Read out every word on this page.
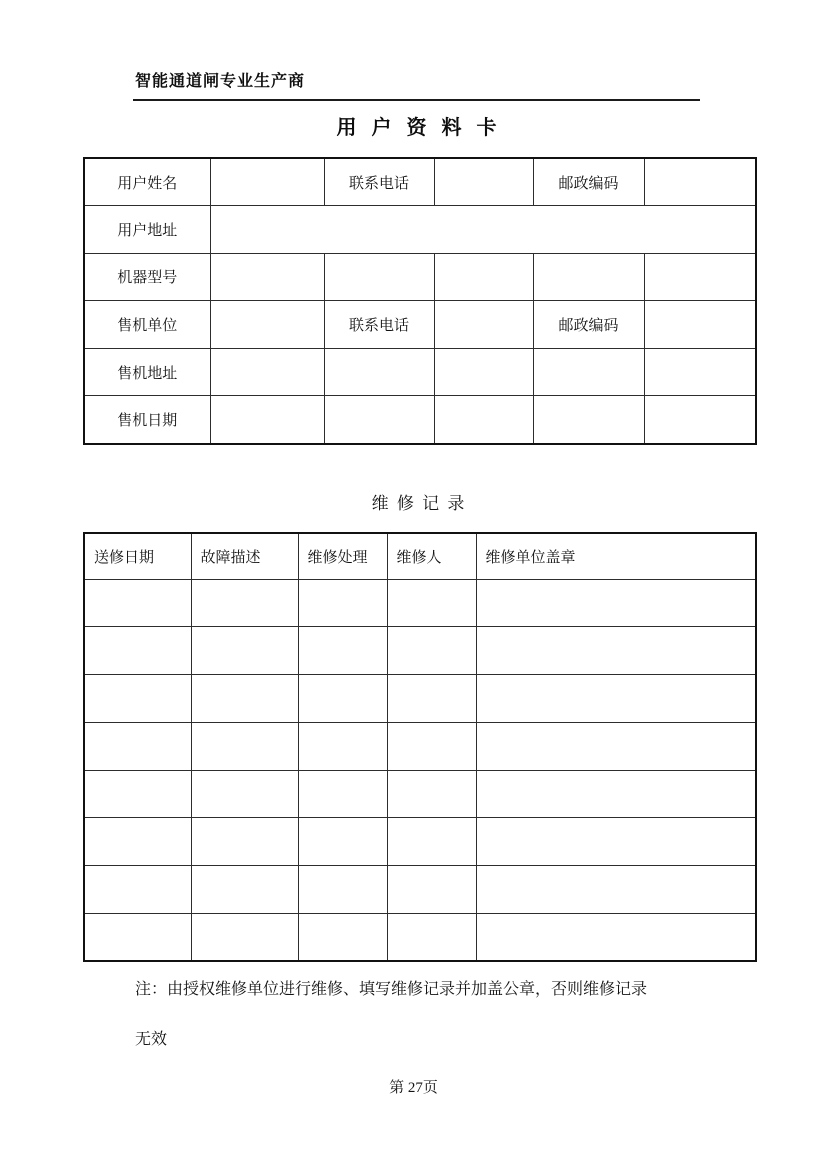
智能通道闸专业生产商
用 户 资 料 卡
用户姓名		联系电话		邮政编码	
用户地址					
机器型号					
售机单位		联系电话		邮政编码	
售机地址					
售机日期					
维 修 记 录
送修日期	故障描述	维修处理	维修人	维修单位盖章

注：由授权维修单位进行维修、填写维修记录并加盖公章，否则维修记录
无效
第 27页
